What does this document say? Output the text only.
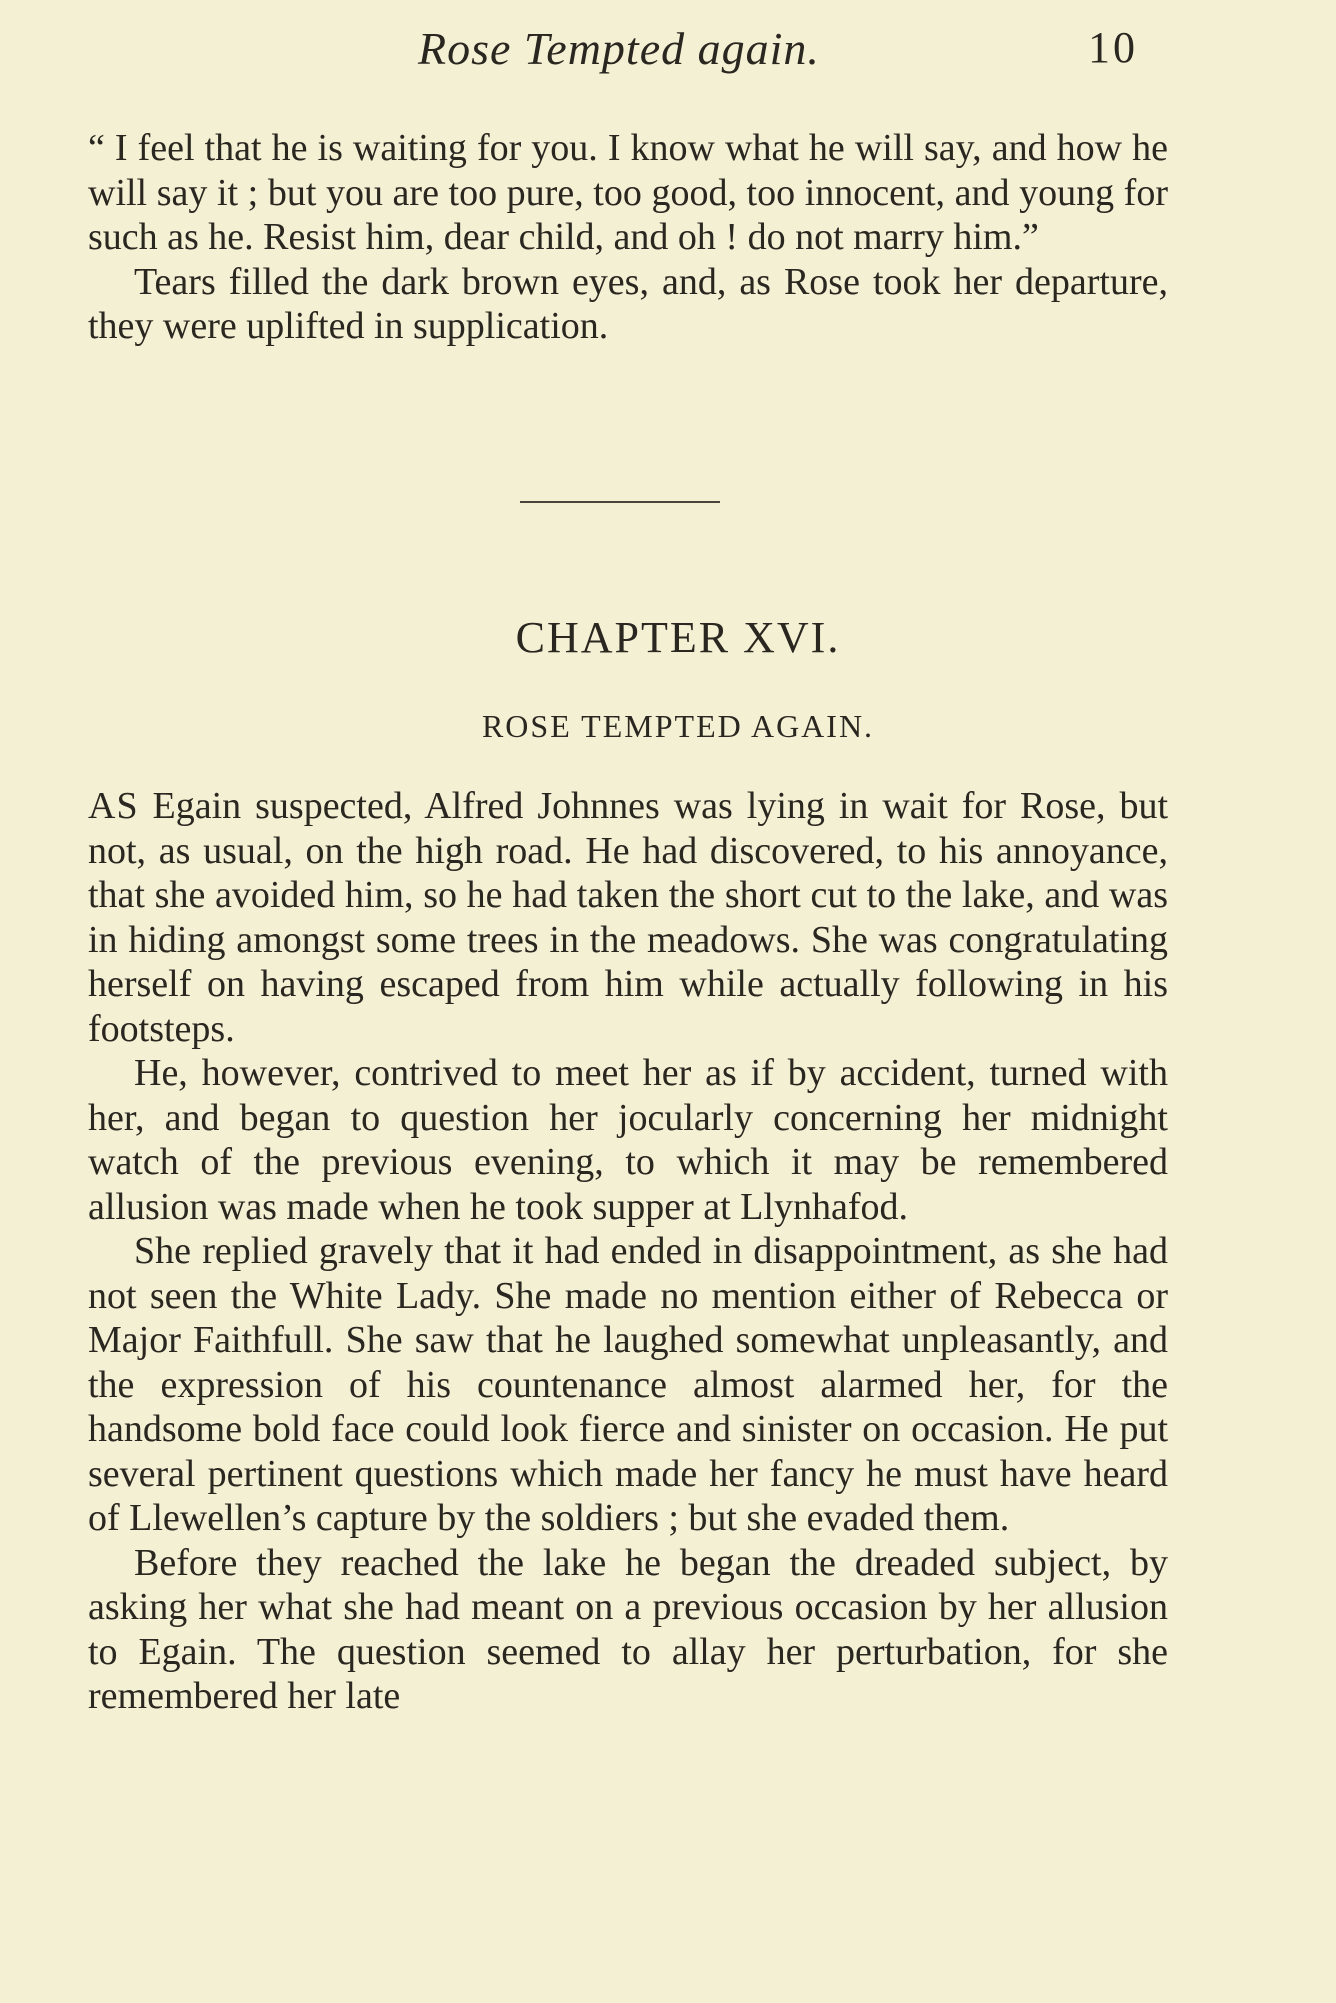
Rose Tempted again.	10

“ I feel that he is waiting for you. I know what he will say, and how he will say it ; but you are too pure, too good, too innocent, and young for such as he. Resist him, dear child, and oh ! do not marry him.”

Tears filled the dark brown eyes, and, as Rose took her departure, they were uplifted in supplication.

CHAPTER XVI.
ROSE TEMPTED AGAIN.

AS Egain suspected, Alfred Johnnes was lying in wait for Rose, but not, as usual, on the high road. He had discovered, to his annoyance, that she avoided him, so he had taken the short cut to the lake, and was in hiding amongst some trees in the meadows. She was congratulating herself on having escaped from him while actually following in his footsteps.

He, however, contrived to meet her as if by accident, turned with her, and began to question her jocularly concerning her midnight watch of the previous evening, to which it may be remembered allusion was made when he took supper at Llynhafod.

She replied gravely that it had ended in disappointment, as she had not seen the White Lady. She made no mention either of Rebecca or Major Faithfull. She saw that he laughed somewhat unpleasantly, and the expression of his countenance almost alarmed her, for the handsome bold face could look fierce and sinister on occasion. He put several pertinent questions which made her fancy he must have heard of Llewellen’s capture by the soldiers ; but she evaded them.

Before they reached the lake he began the dreaded subject, by asking her what she had meant on a previous occasion by her allusion to Egain. The question seemed to allay her perturbation, for she remembered her late
